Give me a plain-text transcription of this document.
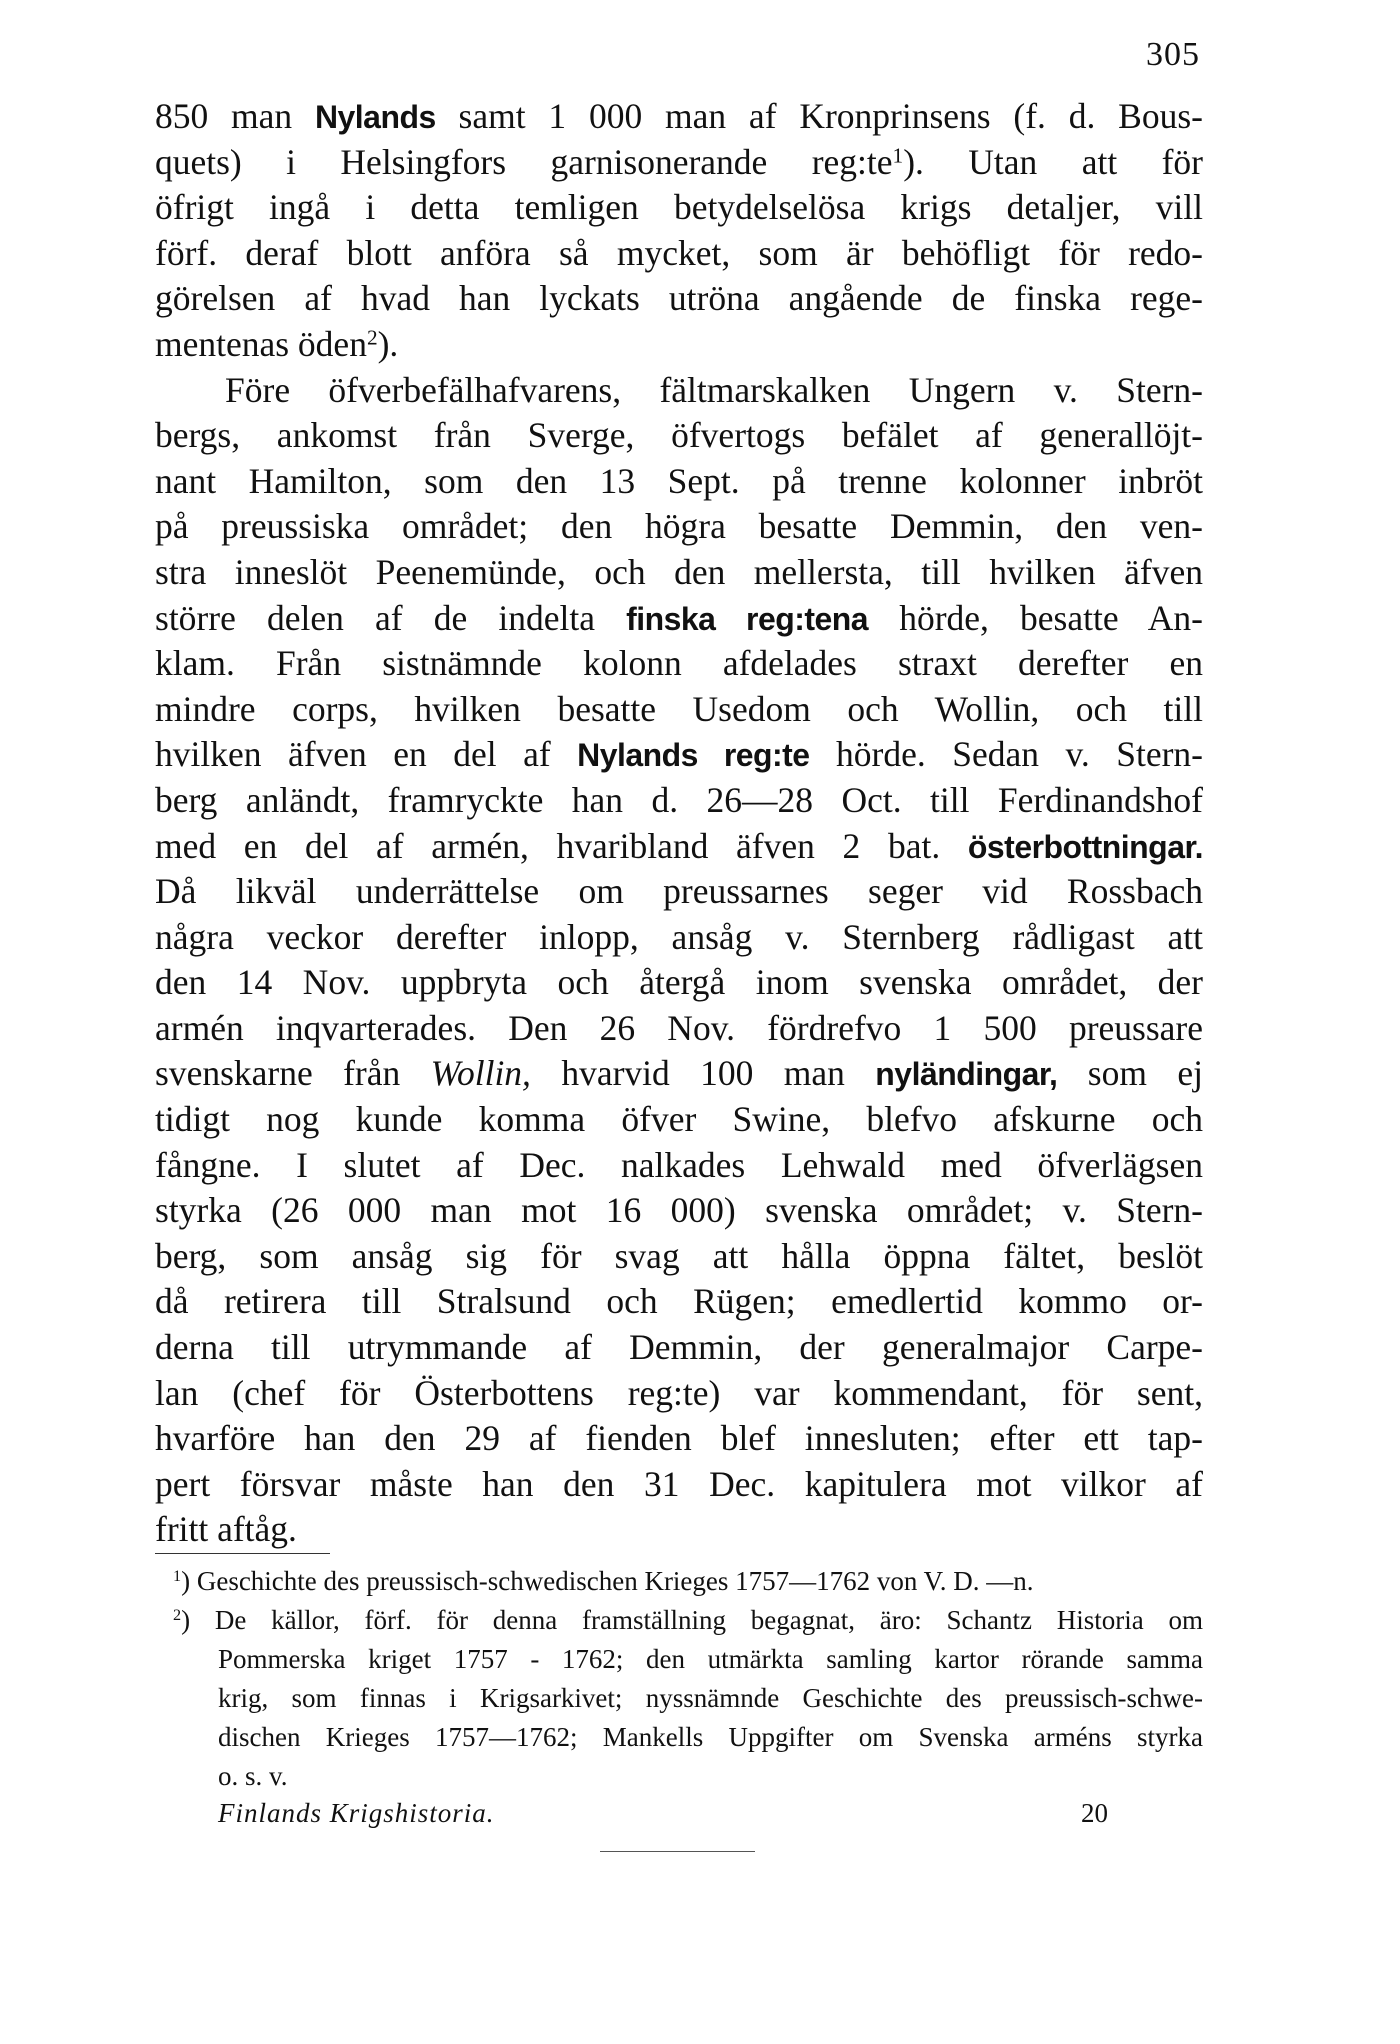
305
850 man Nylands samt 1 000 man af Kronprinsens (f. d. Bous-
quets) i Helsingfors garnisonerande $reg:te^1$). Utan att för
öfrigt ingå i detta temligen betydelselösa krigs detaljer, vill
förf. deraf blott anföra så mycket, som är behöfligt för redo-
görelsen af hvad han lyckats utröna angående de finska rege-
mentenas öden$^2$).
Före öfverbefälhafvarens, fältmarskalken Ungern v. Stern-
bergs, ankomst från Sverge, öfvertogs befälet af generallöjt-
nant Hamilton, som den 13 Sept. på trenne kolonner inbröt
på preussiska området; den högra besatte Demmin, den ven-
stra inneslöt Peenemünde, och den mellersta, till hvilken äfven
större delen af de indelta finska reg:tena hörde, besatte An-
klam. Från sistnämnde kolonn afdelades straxt derefter en
mindre corps, hvilken besatte Usedom och Wollin, och till
hvilken äfven en del af Nylands reg:te hörde. Sedan v. Stern-
berg anländt, framryckte han d. 26—28 Oct. till Ferdinandshof
med en del af armén, hvaribland äfven 2 bat. österbottningar.
Då likväl underrättelse om preussarnes seger vid Rossbach
några veckor derefter inlopp, ansåg v. Sternberg rådligast att
den 14 Nov. uppbryta och återgå inom svenska området, der
armén inqvarterades. Den 26 Nov. fördrefvo 1 500 preussare
svenskarne från Wollin, hvarvid 100 man nyländingar, som ej
tidigt nog kunde komma öfver Swine, blefvo afskurne och
fångne. I slutet af Dec. nalkades Lehwald med öfverlägsen
styrka (26 000 man mot 16 000) svenska området; v. Stern-
berg, som ansåg sig för svag att hålla öppna fältet, beslöt
då retirera till Stralsund och Rügen; emedlertid kommo or-
derna till utrymmande af Demmin, der generalmajor Carpe-
lan (chef för Österbottens reg:te) var kommendant, för sent,
hvarföre han den 29 af fienden blef innesluten; efter ett tap-
pert försvar måste han den 31 Dec. kapitulera mot vilkor af
fritt aftåg.
$^1$) Geschichte des preussisch-schwedischen Krieges 1757—1762 von V. D. —n.
$^2$) De källor, förf. för denna framställning begagnat, äro: Schantz Historia om
Pommerska kriget 1757 - 1762; den utmärkta samling kartor rörande samma
krig, som finnas i Krigsarkivet; nyssnämnde Geschichte des preussisch-schwe-
dischen Krieges 1757—1762; Mankells Uppgifter om Svenska arméns styrka
o. s. v.
Finlands Krigshistoria.	20
